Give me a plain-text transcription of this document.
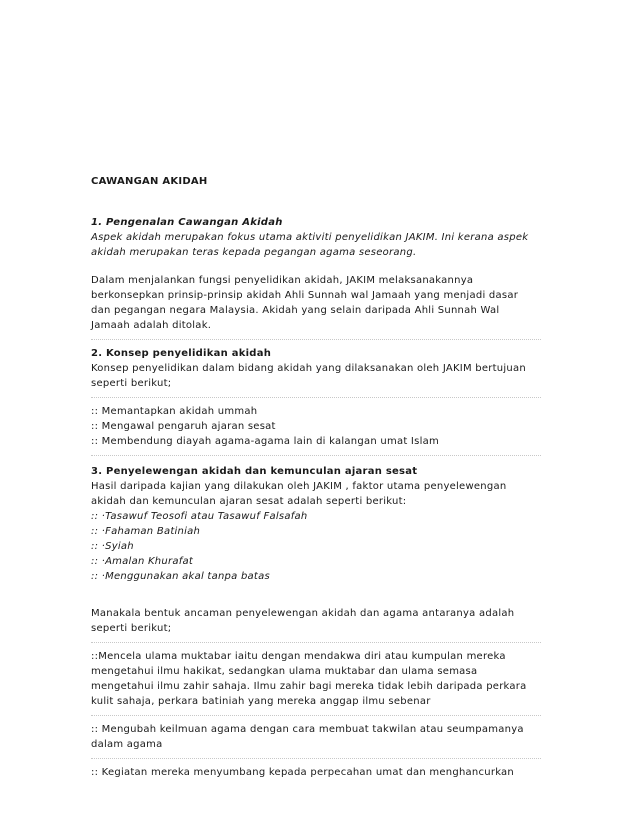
CAWANGAN AKIDAH

1. Pengenalan Cawangan Akidah

Aspek akidah merupakan fokus utama aktiviti penyelidikan JAKIM. Ini kerana aspek akidah merupakan teras kepada pegangan agama seseorang.

Dalam menjalankan fungsi penyelidikan akidah, JAKIM melaksanakannya berkonsepkan prinsip-prinsip akidah Ahli Sunnah wal Jamaah yang menjadi dasar dan pegangan negara Malaysia. Akidah yang selain daripada Ahli Sunnah Wal Jamaah adalah ditolak.

2. Konsep penyelidikan akidah

Konsep penyelidikan dalam bidang akidah yang dilaksanakan oleh JAKIM bertujuan seperti berikut;

:: Memantapkan akidah ummah
:: Mengawal pengaruh ajaran sesat
:: Membendung diayah agama-agama lain di kalangan umat Islam
3. Penyelewengan akidah dan kemunculan ajaran sesat

Hasil daripada kajian yang dilakukan oleh JAKIM , faktor utama penyelewengan akidah dan kemunculan ajaran sesat adalah seperti berikut:

:: ·Tasawuf Teosofi atau Tasawuf Falsafah
:: ·Fahaman Batiniah
:: ·Syiah
:: ·Amalan Khurafat
:: ·Menggunakan akal tanpa batas

Manakala bentuk ancaman penyelewengan akidah dan agama antaranya adalah seperti berikut;

::Mencela ulama muktabar iaitu dengan mendakwa diri atau kumpulan mereka mengetahui ilmu hakikat, sedangkan ulama muktabar dan ulama semasa mengetahui ilmu zahir sahaja. Ilmu zahir bagi mereka tidak lebih daripada perkara kulit sahaja, perkara batiniah yang mereka anggap ilmu sebenar

:: Mengubah keilmuan agama dengan cara membuat takwilan atau seumpamanya dalam agama

:: Kegiatan mereka menyumbang kepada perpecahan umat dan menghancurkan
